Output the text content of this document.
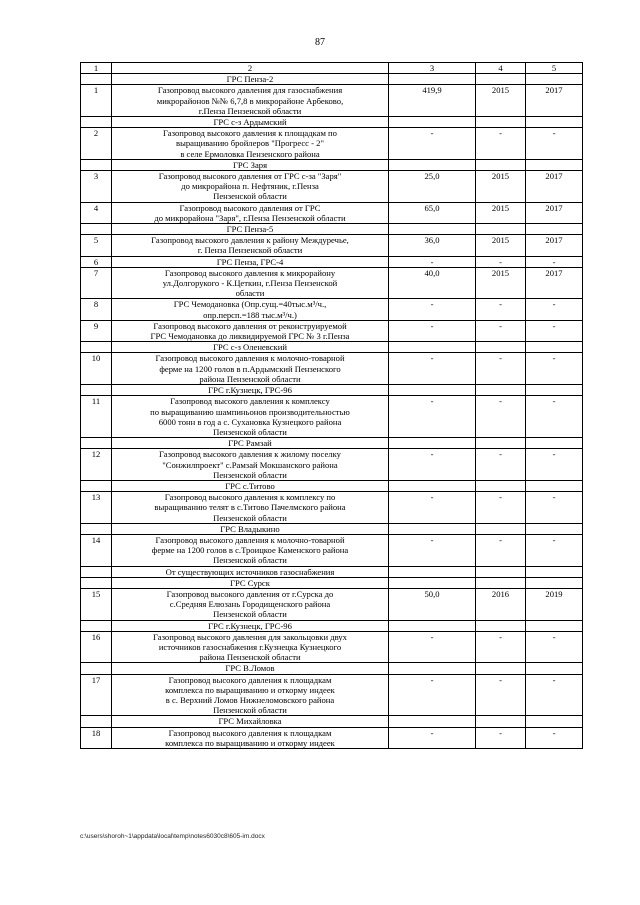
87
1	2	3	4	5
	ГРС Пенза-2			
1	Газопровод высокого давления для газоснабжения
микрорайонов №№ 6,7,8 в микрорайоне Арбеково,
г.Пенза Пензенской области	419,9	2015	2017
	ГРС с-з Ардымский			
2	Газопровод высокого давления к площадкам по
выращиванию бройлеров "Прогресс - 2"
в селе Ермоловка Пензенского района	-	-	-
	ГРС Заря			
3	Газопровод высокого давления от ГРС с-за "Заря"
до микрорайона п. Нефтяник, г.Пенза
Пензенской области	25,0	2015	2017
4	Газопровод высокого давления от ГРС
до микрорайона "Заря", г.Пенза Пензенской области	65,0	2015	2017
	ГРС Пенза-5			
5	Газопровод высокого давления к району Междуречье,
г. Пенза Пензенской области	36,0	2015	2017
6	ГРС Пенза, ГРС-4	-	-	-
7	Газопровод высокого давления к микрорайону
ул.Долгорукого - К.Цеткин, г.Пенза Пензенской
области	40,0	2015	2017
8	ГРС Чемодановка (Опр.сущ.=40тыс.м³/ч.,
опр.персп.=188 тыс.м³/ч.)	-	-	-
9	Газопровод высокого давления от реконструируемой
ГРС Чемодановка до ликвидируемой ГРС № 3 г.Пенза	-	-	-
	ГРС с-з Оленевский			
10	Газопровод высокого давления к молочно-товарной
ферме на 1200 голов в п.Ардымский Пензенского
района Пензенской области	-	-	-
	ГРС г.Кузнецк, ГРС-96			
11	Газопровод высокого давления к комплексу
по выращиванию шампиньонов производительностью
6000 тонн в год а с. Сухановка Кузнецкого района
Пензенской области	-	-	-
	ГРС Рамзай			
12	Газопровод высокого давления к жилому поселку
"Сонжилпроект" с.Рамзай Мокшанского района
Пензенской области	-	-	-
	ГРС с.Титово			
13	Газопровод высокого давления к комплексу по
выращиванию телят в с.Титово Пачелмского района
Пензенской области	-	-	-
	ГРС Владыкино			
14	Газопровод высокого давления к молочно-товарной
ферме на 1200 голов в с.Троицкое Каменского района
Пензенской области	-	-	-
	От существующих источников газоснабжения			
	ГРС Сурск			
15	Газопровод высокого давления от г.Сурска до
с.Средняя Елюзань Городищенского района
Пензенской области	50,0	2016	2019
	ГРС г.Кузнецк, ГРС-96			
16	Газопровод высокого давления для закольцовки двух
источников газоснабжения г.Кузнецка Кузнецкого
района Пензенской области	-	-	-
	ГРС В.Ломов			
17	Газопровод высокого давления к площадкам
комплекса по выращиванию и откорму индеек
в с. Верхний Ломов Нижнеломовского района
Пензенской области	-	-	-
	ГРС Михайловка			
18	Газопровод высокого давления к площадкам
комплекса по выращиванию и откорму индеек	-	-	-
c:\users\shoroh~1\appdata\local\temp\notes6030c8\605-im.docx
